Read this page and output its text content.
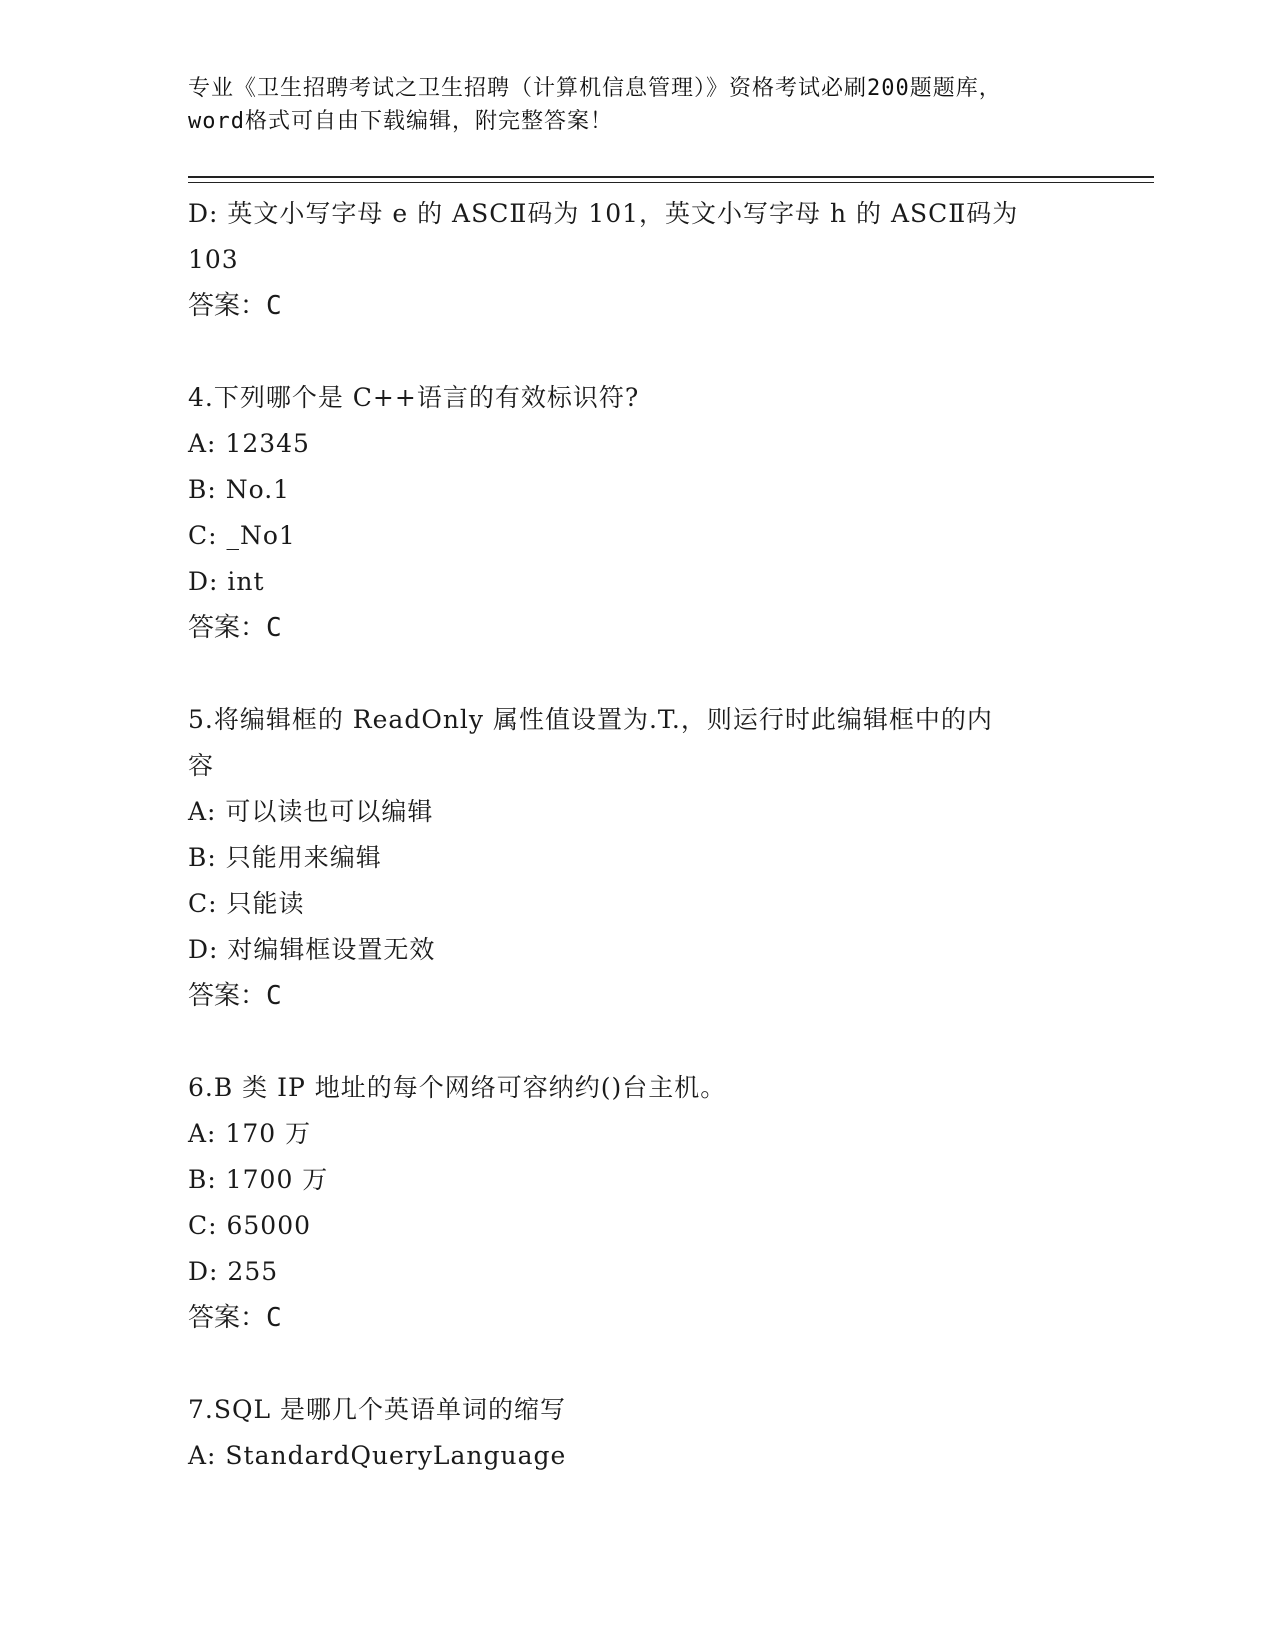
专业《卫生招聘考试之卫生招聘（计算机信息管理）》资格考试必刷200题题库，
word格式可自由下载编辑，附完整答案！
D: 英文小写字母 e 的 ASCⅡ码为 101，英文小写字母 h 的 ASCⅡ码为
103
答案：C
4.下列哪个是 C++语言的有效标识符?
A: 12345
B: No.1
C: _No1
D: int
答案：C
5.将编辑框的 ReadOnly 属性值设置为.T.，则运行时此编辑框中的内
容
A: 可以读也可以编辑
B: 只能用来编辑
C: 只能读
D: 对编辑框设置无效
答案：C
6.B 类 IP 地址的每个网络可容纳约()台主机。
A: 170 万
B: 1700 万
C: 65000
D: 255
答案：C
7.SQL 是哪几个英语单词的缩写
A: StandardQueryLanguage
